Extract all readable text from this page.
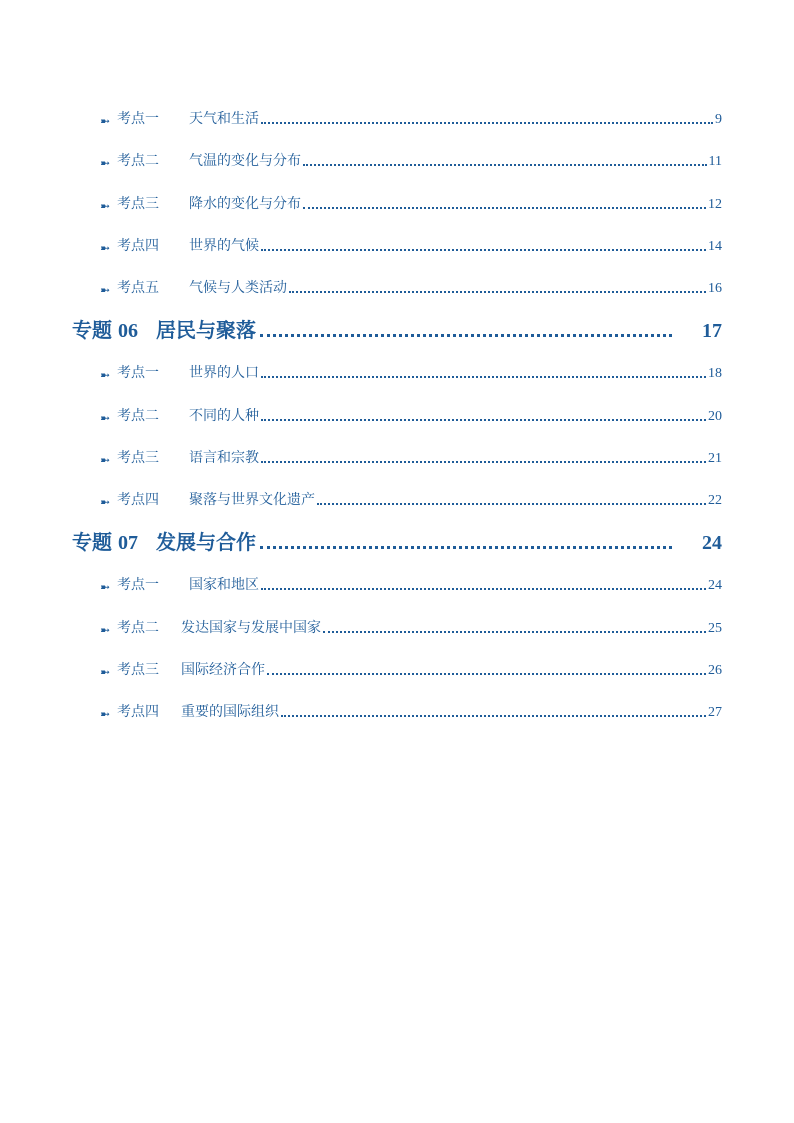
➼ 考点一	天气和生活	9
➼ 考点二	气温的变化与分布	11
➼ 考点三	降水的变化与分布	12
➼ 考点四	世界的气候	14
➼ 考点五	气候与人类活动	16
专题 06 居民与聚落	17
➼ 考点一	世界的人口	18
➼ 考点二	不同的人种	20
➼ 考点三	语言和宗教	21
➼ 考点四	聚落与世界文化遗产	22
专题 07 发展与合作	24
➼ 考点一	国家和地区	24
➼ 考点二	发达国家与发展中国家	25
➼ 考点三	国际经济合作	26
➼ 考点四	重要的国际组织	27
